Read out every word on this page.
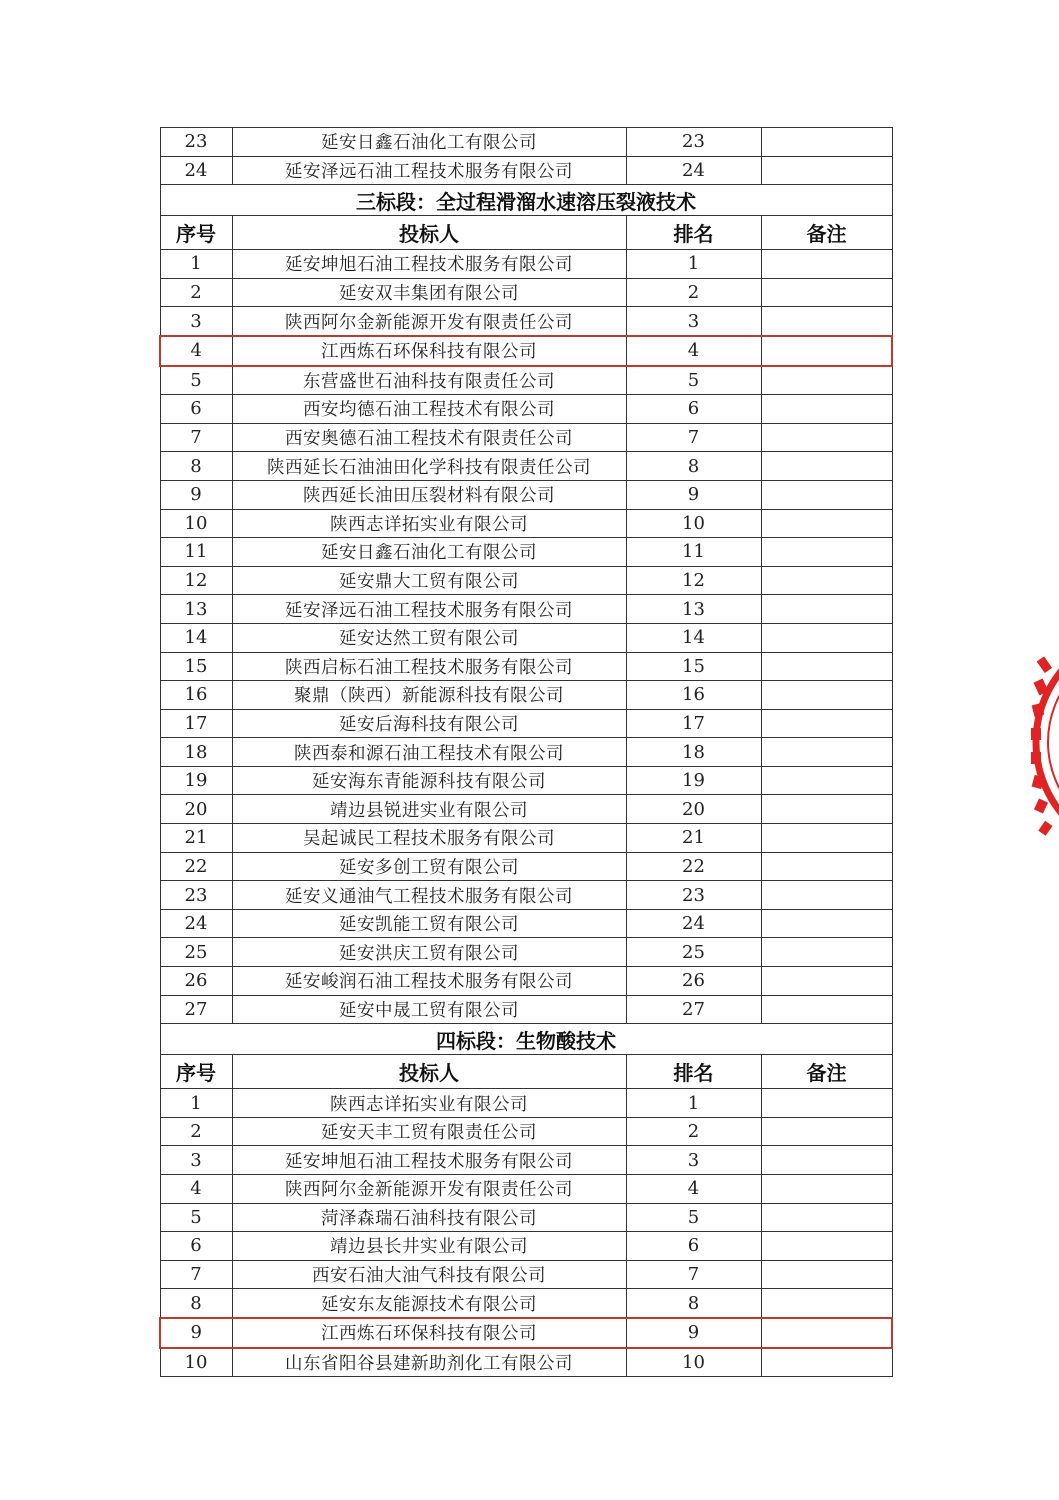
23	延安日鑫石油化工有限公司	23	
24	延安泽远石油工程技术服务有限公司	24	
三标段：全过程滑溜水速溶压裂液技术			
序号	投标人	排名	备注
1	延安坤旭石油工程技术服务有限公司	1	
2	延安双丰集团有限公司	2	
3	陕西阿尔金新能源开发有限责任公司	3	
4	江西炼石环保科技有限公司	4	
5	东营盛世石油科技有限责任公司	5	
6	西安均德石油工程技术有限公司	6	
7	西安奥德石油工程技术有限责任公司	7	
8	陕西延长石油油田化学科技有限责任公司	8	
9	陕西延长油田压裂材料有限公司	9	
10	陕西志详拓实业有限公司	10	
11	延安日鑫石油化工有限公司	11	
12	延安鼎大工贸有限公司	12	
13	延安泽远石油工程技术服务有限公司	13	
14	延安达然工贸有限公司	14	
15	陕西启标石油工程技术服务有限公司	15	
16	聚鼎（陕西）新能源科技有限公司	16	
17	延安后海科技有限公司	17	
18	陕西泰和源石油工程技术有限公司	18	
19	延安海东青能源科技有限公司	19	
20	靖边县锐进实业有限公司	20	
21	吴起诚民工程技术服务有限公司	21	
22	延安多创工贸有限公司	22	
23	延安义通油气工程技术服务有限公司	23	
24	延安凯能工贸有限公司	24	
25	延安洪庆工贸有限公司	25	
26	延安峻润石油工程技术服务有限公司	26	
27	延安中晟工贸有限公司	27	
四标段：生物酸技术			
序号	投标人	排名	备注
1	陕西志详拓实业有限公司	1	
2	延安天丰工贸有限责任公司	2	
3	延安坤旭石油工程技术服务有限公司	3	
4	陕西阿尔金新能源开发有限责任公司	4	
5	菏泽森瑞石油科技有限公司	5	
6	靖边县长井实业有限公司	6	
7	西安石油大油气科技有限公司	7	
8	延安东友能源技术有限公司	8	
9	江西炼石环保科技有限公司	9	
10	山东省阳谷县建新助剂化工有限公司	10	
